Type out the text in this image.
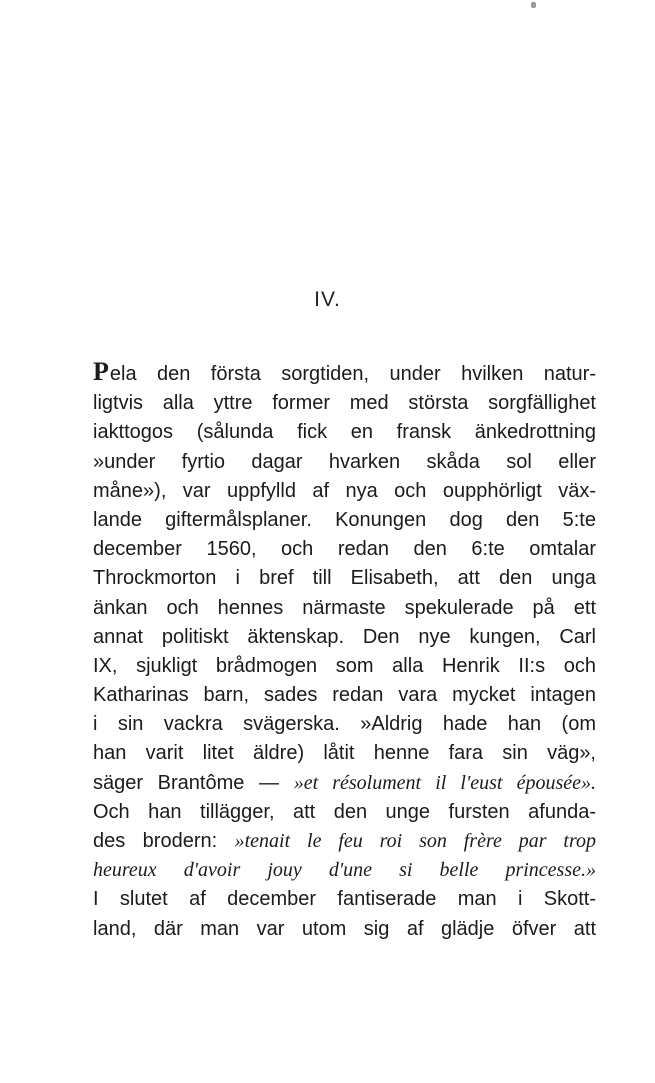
IV.
Pela den första sorgtiden, under hvilken natur-
ligtvis alla yttre former med största sorgfällighet
iakttogos (sålunda fick en fransk änkedrottning
»under fyrtio dagar hvarken skåda sol eller
måne»), var uppfylld af nya och oupphörligt väx-
lande giftermålsplaner. Konungen dog den 5:te
december 1560, och redan den 6:te omtalar
Throckmorton i bref till Elisabeth, att den unga
änkan och hennes närmaste spekulerade på ett
annat politiskt äktenskap. Den nye kungen, Carl
IX, sjukligt brådmogen som alla Henrik II:s och
Katharinas barn, sades redan vara mycket intagen
i sin vackra svägerska. »Aldrig hade han (om
han varit litet äldre) låtit henne fara sin väg»,
säger Brantôme — »et résolument il l'eust épousée».
Och han tillägger, att den unge fursten afunda-
des brodern: »tenait le feu roi son frère par trop
heureux d'avoir jouy d'une si belle princesse.»
I slutet af december fantiserade man i Skott-
land, där man var utom sig af glädje öfver att
